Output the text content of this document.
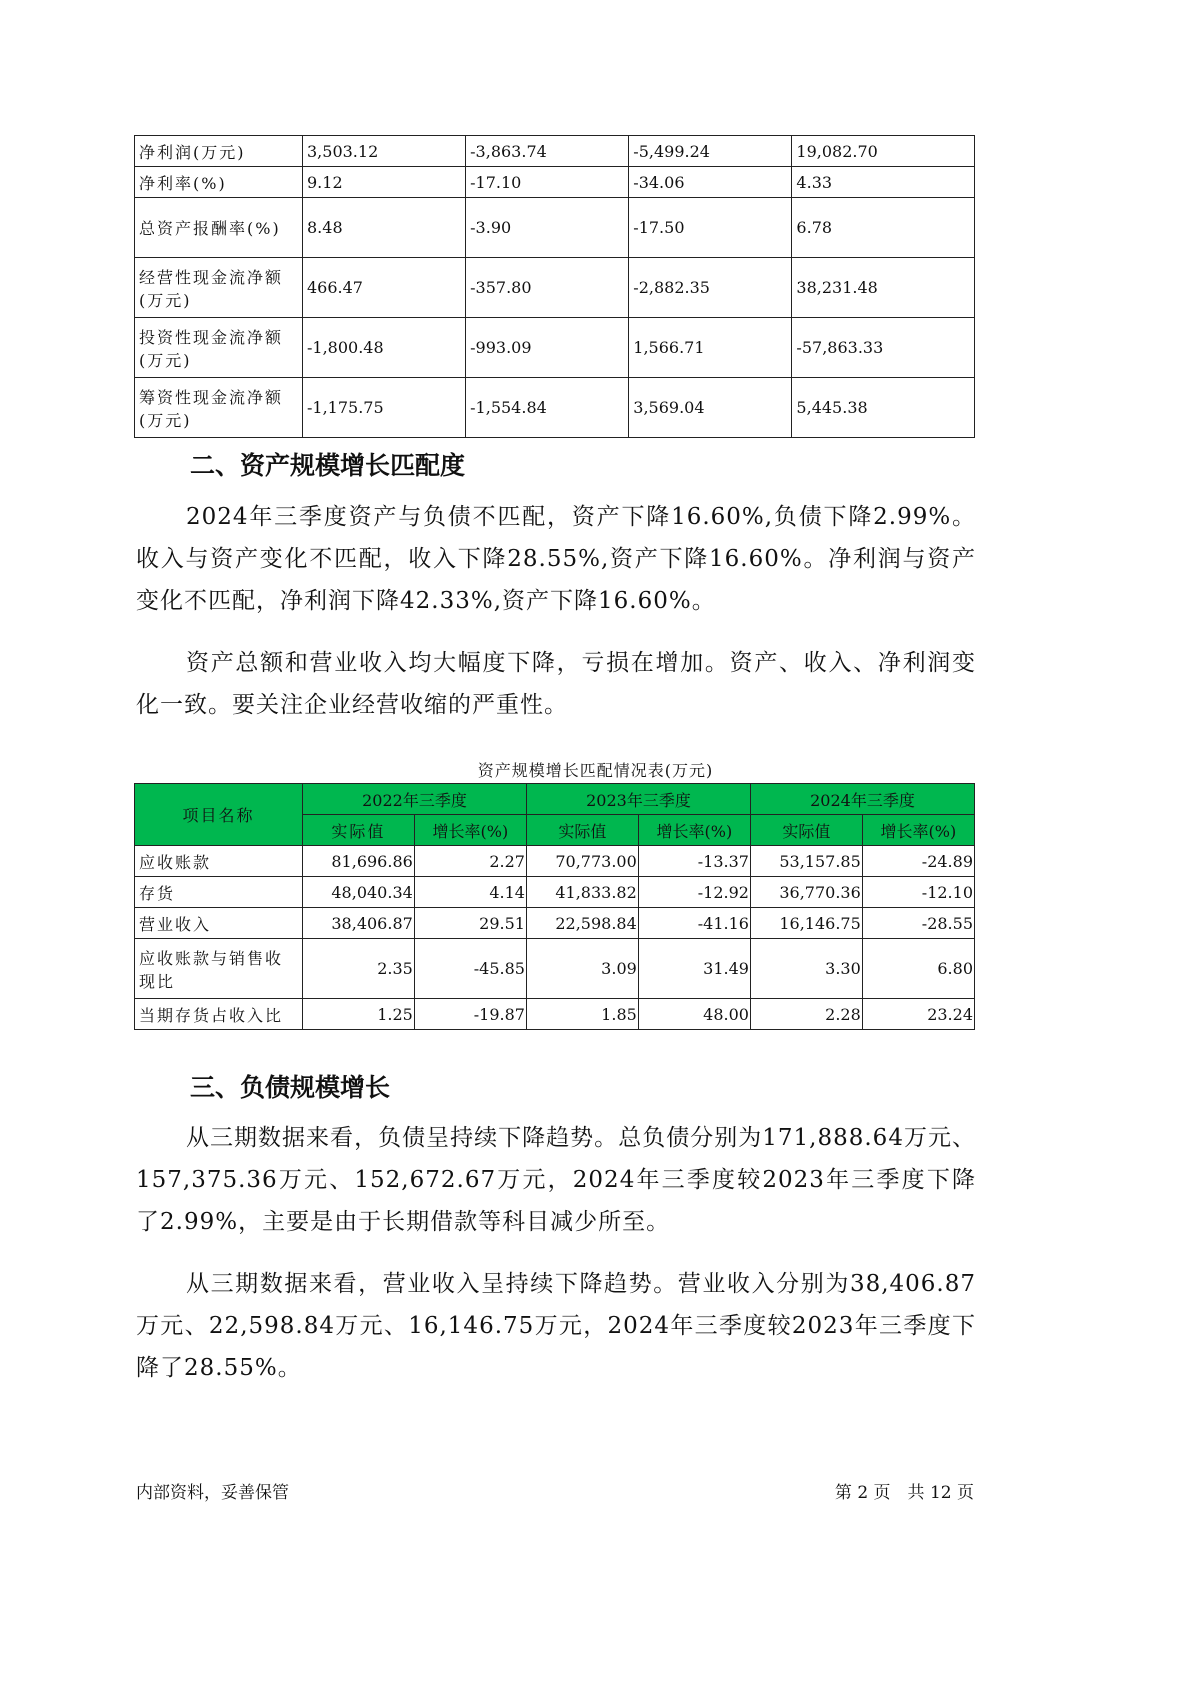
净利润(万元)	3,503.12	-3,863.74	-5,499.24	19,082.70
净利率(%)	9.12	-17.10	-34.06	4.33
总资产报酬率(%)	8.48	-3.90	-17.50	6.78
经营性现金流净额(万元)	466.47	-357.80	-2,882.35	38,231.48
投资性现金流净额(万元)	-1,800.48	-993.09	1,566.71	-57,863.33
筹资性现金流净额(万元)	-1,175.75	-1,554.84	3,569.04	5,445.38
二、资产规模增长匹配度
2024年三季度资产与负债不匹配，资产下降16.60%,负债下降2.99%。收入与资产变化不匹配，收入下降28.55%,资产下降16.60%。净利润与资产变化不匹配，净利润下降42.33%,资产下降16.60%。
资产总额和营业收入均大幅度下降，亏损在增加。资产、收入、净利润变化一致。要关注企业经营收缩的严重性。
资产规模增长匹配情况表(万元)
项目名称	2022年三季度		2023年三季度		2024年三季度	
	实际值	增长率(%)	实际值	增长率(%)	实际值	增长率(%)
应收账款	81,696.86	2.27	70,773.00	-13.37	53,157.85	-24.89
存货	48,040.34	4.14	41,833.82	-12.92	36,770.36	-12.10
营业收入	38,406.87	29.51	22,598.84	-41.16	16,146.75	-28.55
应收账款与销售收现比	2.35	-45.85	3.09	31.49	3.30	6.80
当期存货占收入比	1.25	-19.87	1.85	48.00	2.28	23.24
三、负债规模增长
从三期数据来看，负债呈持续下降趋势。总负债分别为171,888.64万元、157,375.36万元、152,672.67万元，2024年三季度较2023年三季度下降了2.99%，主要是由于长期借款等科目减少所至。
从三期数据来看，营业收入呈持续下降趋势。营业收入分别为38,406.87万元、22,598.84万元、16,146.75万元，2024年三季度较2023年三季度下降了28.55%。
内部资料，妥善保管	第 2 页　共 12 页
